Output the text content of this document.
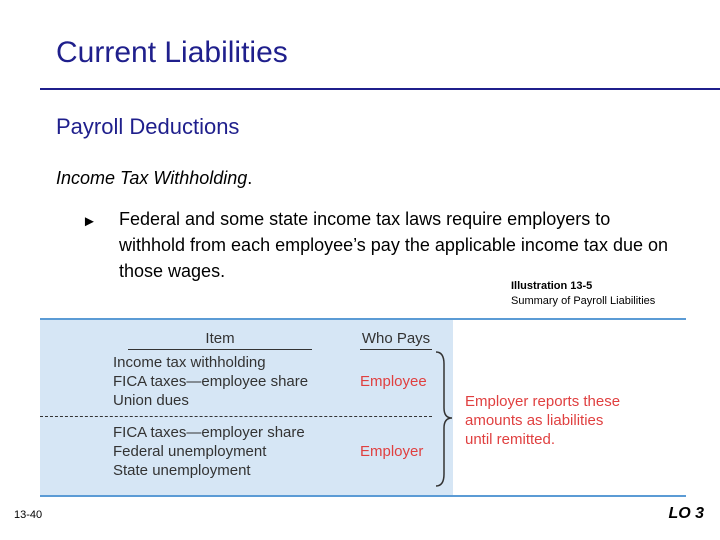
Current Liabilities
Payroll Deductions
Income Tax Withholding.
► Federal and some state income tax laws require employers to withhold from each employee’s pay the applicable income tax due on those wages.
Illustration 13-5
Summary of Payroll Liabilities
Item	Who Pays
Income tax withholding
FICA taxes—employee share
Union dues
Employee
FICA taxes—employer share
Federal unemployment
State unemployment
Employer
Employer reports these
amounts as liabilities
until remitted.
13-40	LO 3
